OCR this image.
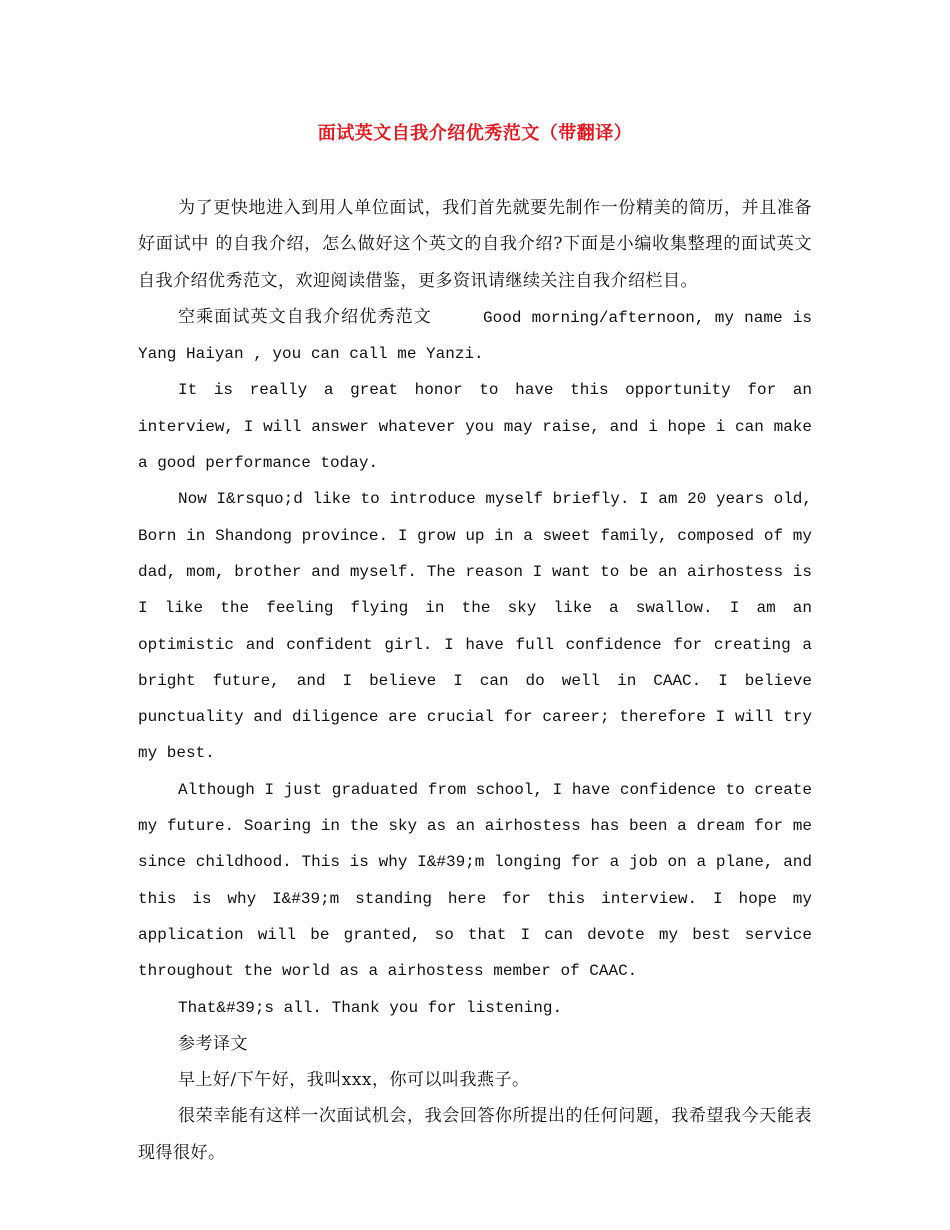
面试英文自我介绍优秀范文（带翻译）

为了更快地进入到用人单位面试，我们首先就要先制作一份精美的简历，并且准备好面试中 的自我介绍，怎么做好这个英文的自我介绍?下面是小编收集整理的面试英文自我介绍优秀范文，欢迎阅读借鉴，更多资讯请继续关注自我介绍栏目。

空乘面试英文自我介绍优秀范文	Good morning/afternoon, my name is Yang Haiyan , you can call me Yanzi.

It is really a great honor to have this opportunity for an interview, I will answer whatever you may raise, and i hope i can make a good performance today.

Now I&rsquo;d like to introduce myself briefly. I am 20 years old, Born in Shandong province. I grow up in a sweet family, composed of my dad, mom, brother and myself. The reason I want to be an airhostess is I like the feeling flying in the sky like a swallow. I am an optimistic and confident girl. I have full confidence for creating a bright future, and I believe I can do well in CAAC. I believe punctuality and diligence are crucial for career; therefore I will try my best.

Although I just graduated from school, I have confidence to create my future. Soaring in the sky as an airhostess has been a dream for me since childhood. This is why I&#39;m longing for a job on a plane, and this is why I&#39;m standing here for this interview. I hope my application will be granted, so that I can devote my best service throughout the world as a airhostess member of CAAC.

That&#39;s all. Thank you for listening.

参考译文

早上好/下午好，我叫xxx，你可以叫我燕子。

很荣幸能有这样一次面试机会，我会回答你所提出的任何问题，我希望我今天能表现得很好。
